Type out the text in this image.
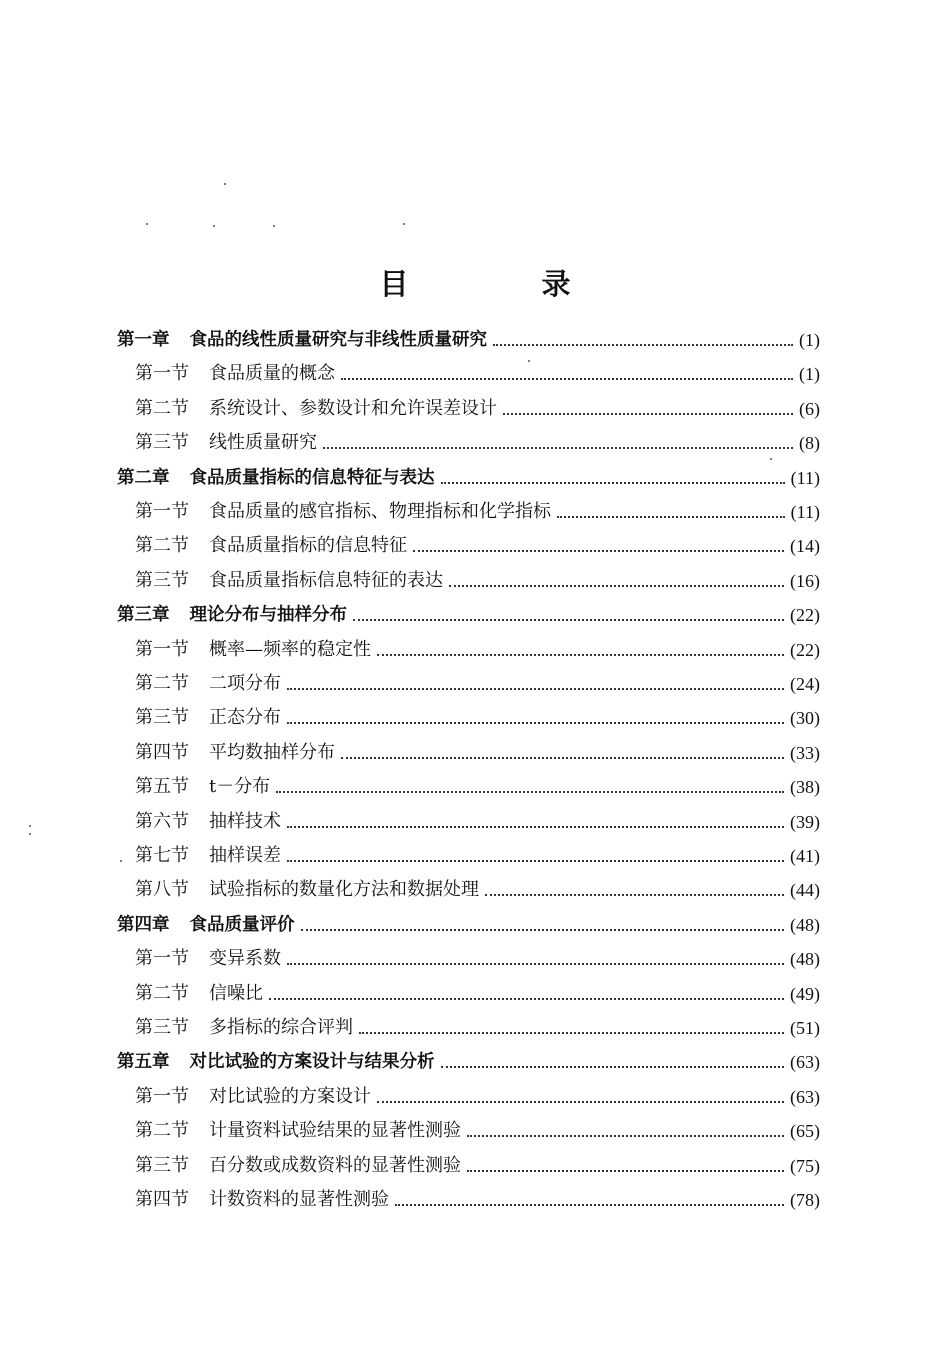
目　录
第一章 食品的线性质量研究与非线性质量研究	(1)
第一节 食品质量的概念	(1)
第二节 系统设计、参数设计和允许误差设计	(6)
第三节 线性质量研究	(8)
第二章 食品质量指标的信息特征与表达	(11)
第一节 食品质量的感官指标、物理指标和化学指标	(11)
第二节 食品质量指标的信息特征	(14)
第三节 食品质量指标信息特征的表达	(16)
第三章 理论分布与抽样分布	(22)
第一节 概率—频率的稳定性	(22)
第二节 二项分布	(24)
第三节 正态分布	(30)
第四节 平均数抽样分布	(33)
第五节 t－分布	(38)
第六节 抽样技术	(39)
第七节 抽样误差	(41)
第八节 试验指标的数量化方法和数据处理	(44)
第四章 食品质量评价	(48)
第一节 变异系数	(48)
第二节 信噪比	(49)
第三节 多指标的综合评判	(51)
第五章 对比试验的方案设计与结果分析	(63)
第一节 对比试验的方案设计	(63)
第二节 计量资料试验结果的显著性测验	(65)
第三节 百分数或成数资料的显著性测验	(75)
第四节 计数资料的显著性测验	(78)
